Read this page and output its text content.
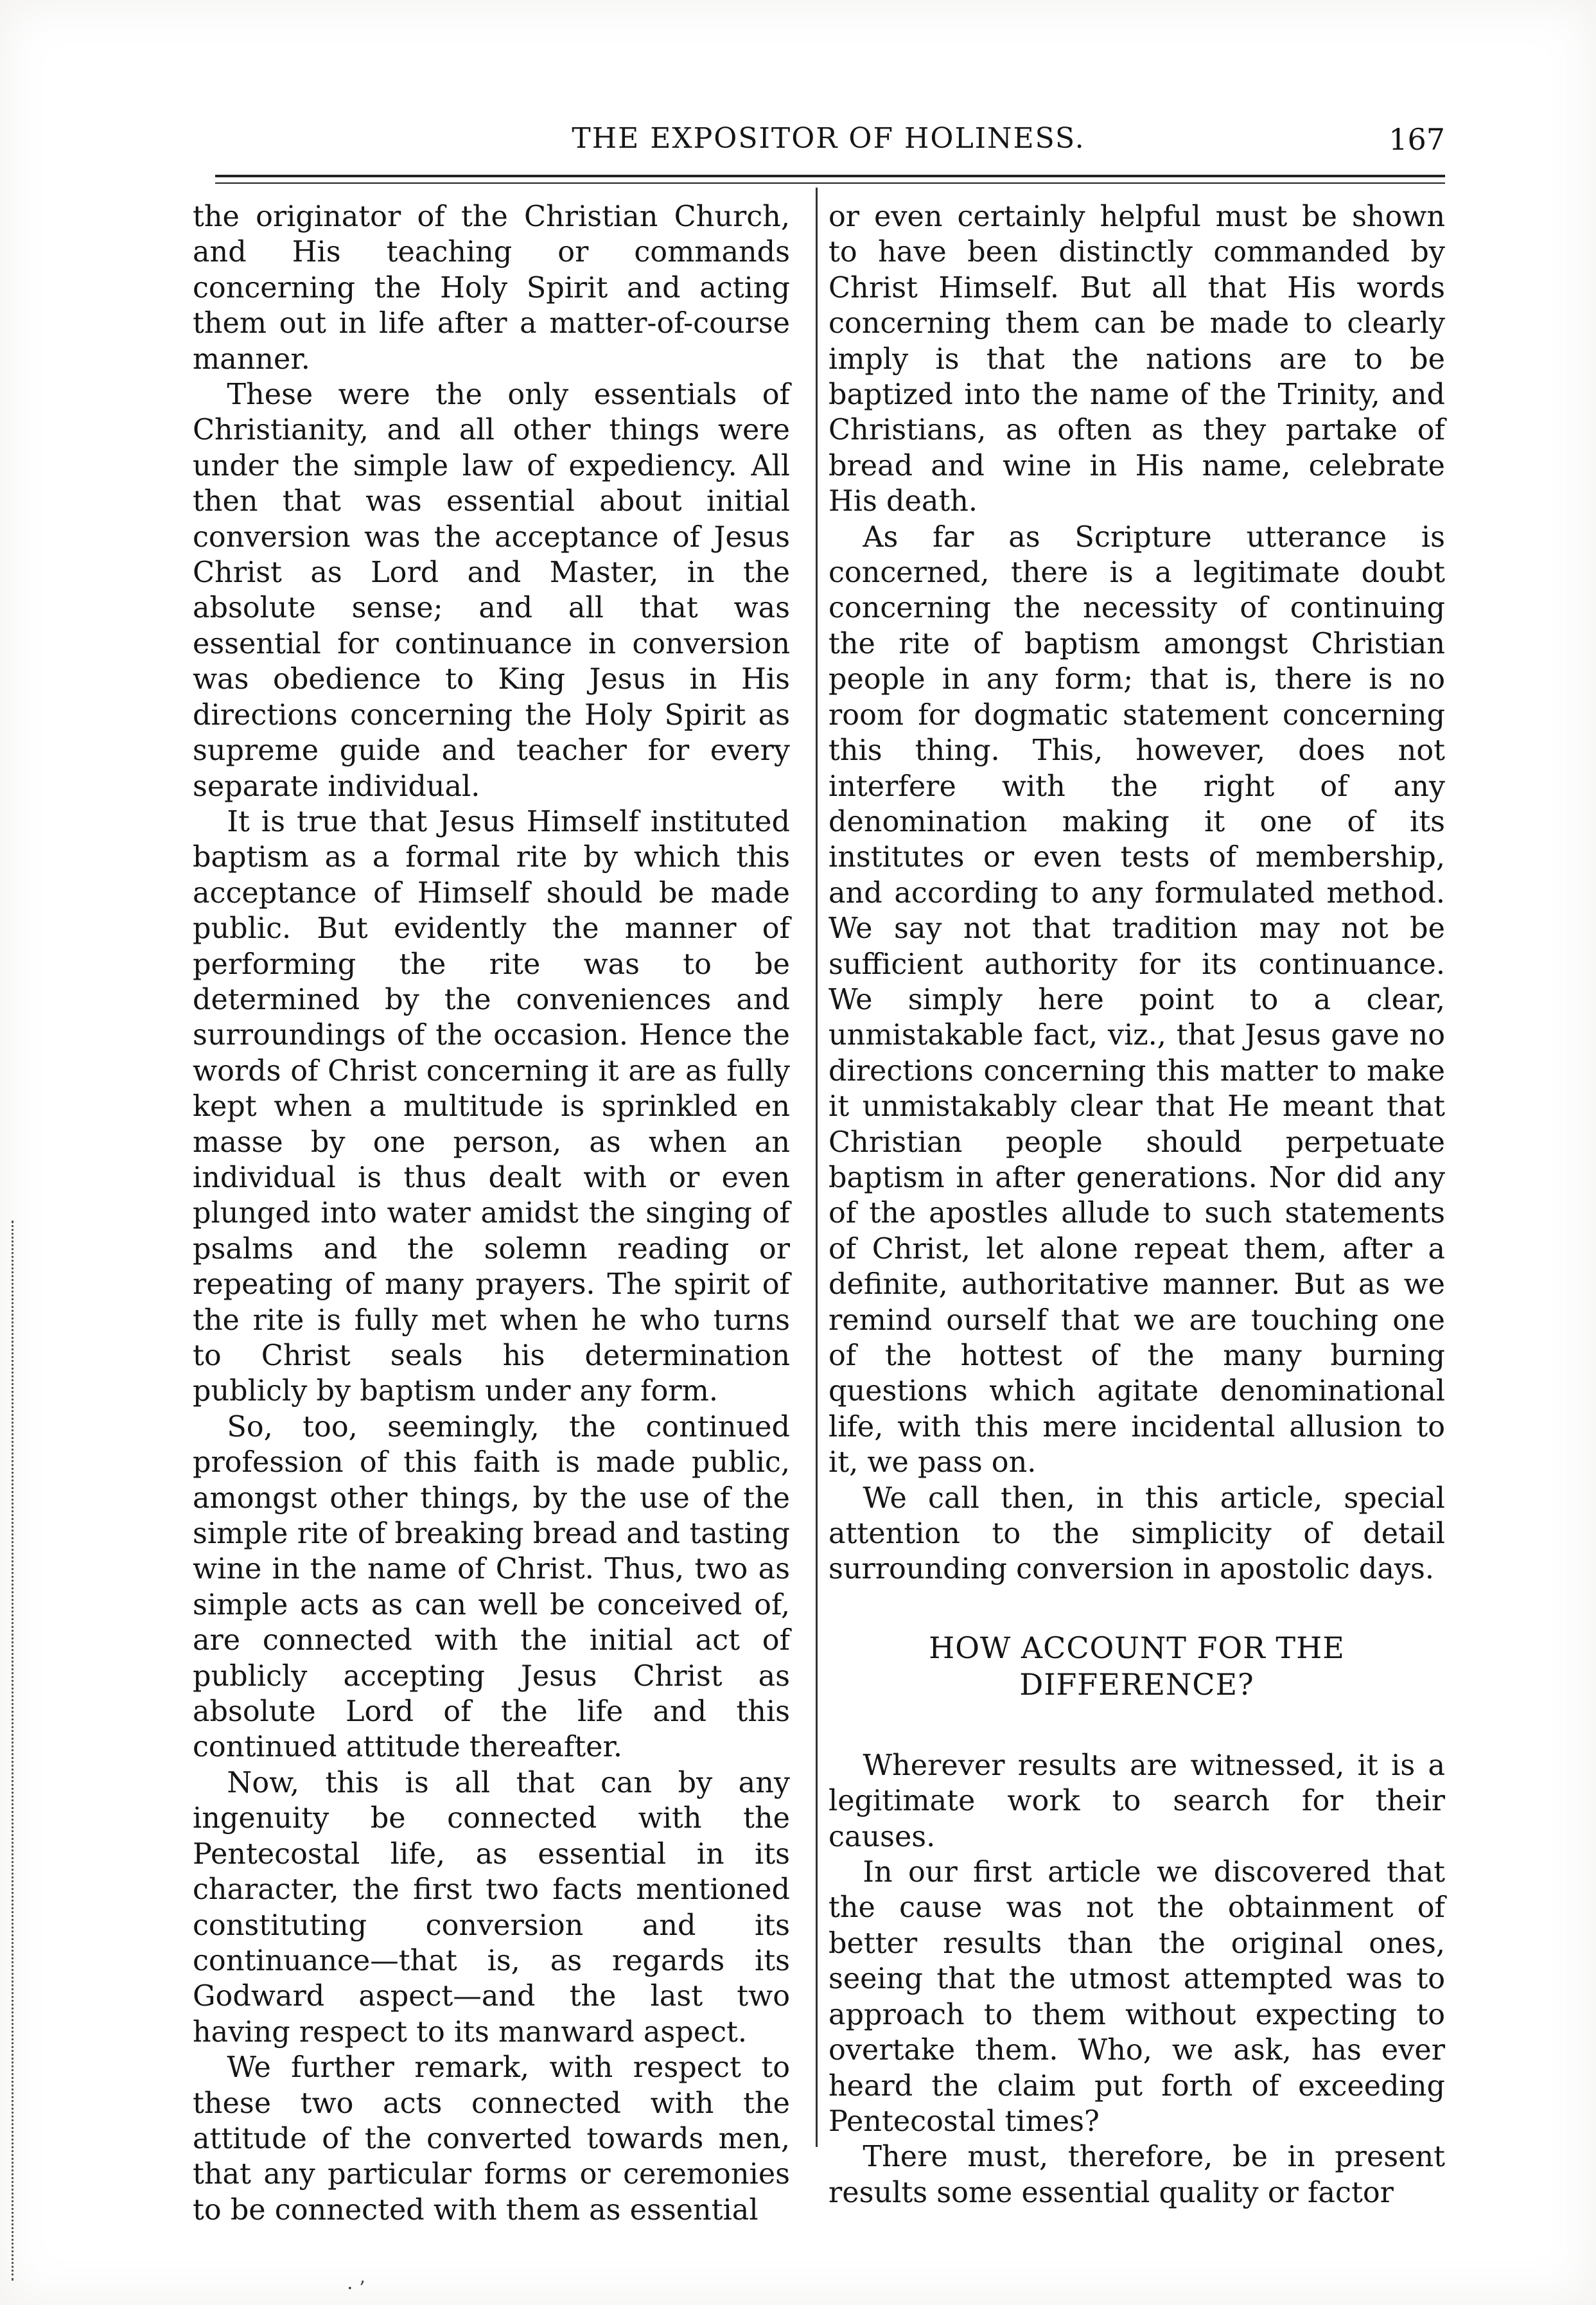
THE EXPOSITOR OF HOLINESS.	167

the originator of the Christian Church, and His teaching or commands concerning the Holy Spirit and acting them out in life after a matter-of-course manner.

These were the only essentials of Christianity, and all other things were under the simple law of expediency. All then that was essential about initial conversion was the acceptance of Jesus Christ as Lord and Master, in the absolute sense; and all that was essential for continuance in conversion was obedience to King Jesus in His directions concerning the Holy Spirit as supreme guide and teacher for every separate individual.

It is true that Jesus Himself instituted baptism as a formal rite by which this acceptance of Himself should be made public. But evidently the manner of performing the rite was to be determined by the conveniences and surroundings of the occasion. Hence the words of Christ concerning it are as fully kept when a multitude is sprinkled en masse by one person, as when an individual is thus dealt with or even plunged into water amidst the singing of psalms and the solemn reading or repeating of many prayers. The spirit of the rite is fully met when he who turns to Christ seals his determination publicly by baptism under any form.

So, too, seemingly, the continued profession of this faith is made public, amongst other things, by the use of the simple rite of breaking bread and tasting wine in the name of Christ. Thus, two as simple acts as can well be conceived of, are connected with the initial act of publicly accepting Jesus Christ as absolute Lord of the life and this continued attitude thereafter.

Now, this is all that can by any ingenuity be connected with the Pentecostal life, as essential in its character, the first two facts mentioned constituting conversion and its continuance—that is, as regards its Godward aspect—and the last two having respect to its manward aspect.

We further remark, with respect to these two acts connected with the attitude of the converted towards men, that any particular forms or ceremonies to be connected with them as essential

or even certainly helpful must be shown to have been distinctly commanded by Christ Himself. But all that His words concerning them can be made to clearly imply is that the nations are to be baptized into the name of the Trinity, and Christians, as often as they partake of bread and wine in His name, celebrate His death.

As far as Scripture utterance is concerned, there is a legitimate doubt concerning the necessity of continuing the rite of baptism amongst Christian people in any form; that is, there is no room for dogmatic statement concerning this thing. This, however, does not interfere with the right of any denomination making it one of its institutes or even tests of membership, and according to any formulated method. We say not that tradition may not be sufficient authority for its continuance. We simply here point to a clear, unmistakable fact, viz., that Jesus gave no directions concerning this matter to make it unmistakably clear that He meant that Christian people should perpetuate baptism in after generations. Nor did any of the apostles allude to such statements of Christ, let alone repeat them, after a definite, authoritative manner. But as we remind ourself that we are touching one of the hottest of the many burning questions which agitate denominational life, with this mere incidental allusion to it, we pass on.

We call then, in this article, special attention to the simplicity of detail surrounding conversion in apostolic days.

HOW ACCOUNT FOR THE
DIFFERENCE?

Wherever results are witnessed, it is a legitimate work to search for their causes.

In our first article we discovered that the cause was not the obtainment of better results than the original ones, seeing that the utmost attempted was to approach to them without expecting to overtake them. Who, we ask, has ever heard the claim put forth of exceeding Pentecostal times?

There must, therefore, be in present results some essential quality or factor

· ’
